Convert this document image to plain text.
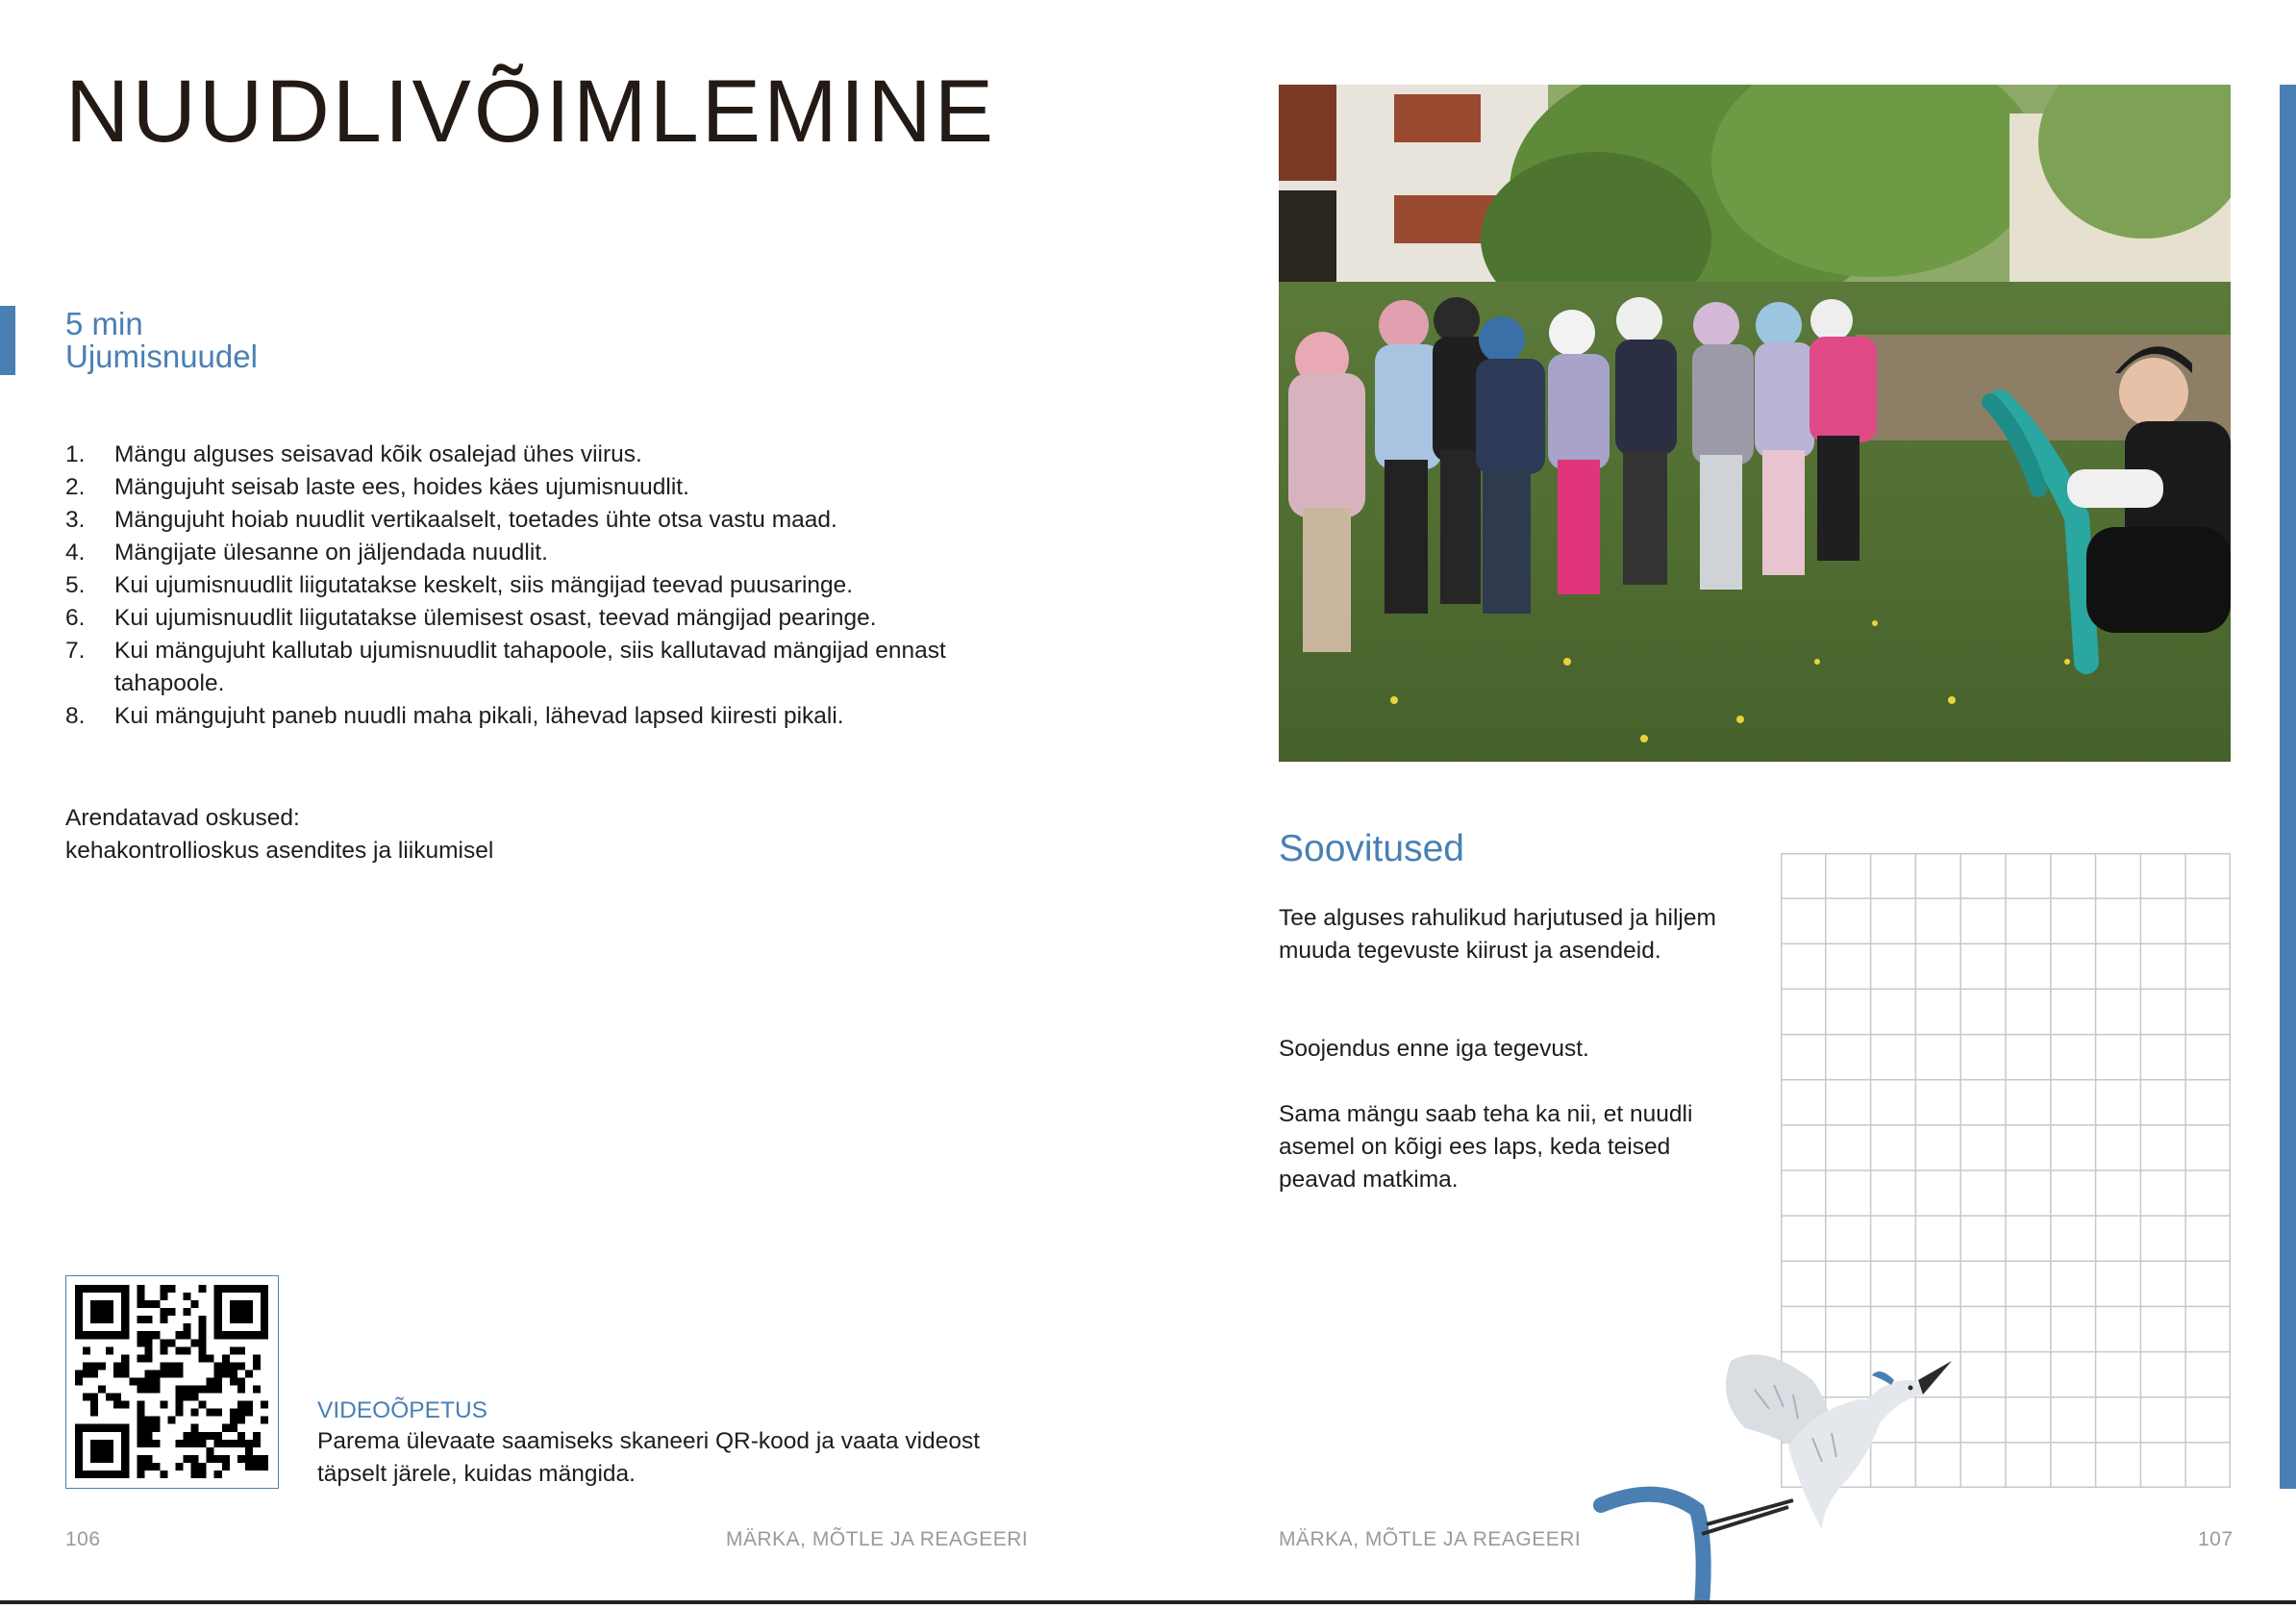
NUUDLIVÕIMLEMINE
5 min
Ujumisnuudel
1.	Mängu alguses seisavad kõik osalejad ühes viirus.
2.	Mängujuht seisab laste ees, hoides käes ujumisnuudlit.
3.	Mängujuht hoiab nuudlit vertikaalselt, toetades ühte otsa vastu maad.
4.	Mängijate ülesanne on jäljendada nuudlit.
5.	Kui ujumisnuudlit liigutatakse keskelt, siis mängijad teevad puusaringe.
6.	Kui ujumisnuudlit liigutatakse ülemisest osast, teevad mängijad pearinge.
7.	Kui mängujuht kallutab ujumisnuudlit tahapoole, siis kallutavad mängijad ennast tahapoole.
8.	Kui mängujuht paneb nuudli maha pikali, lähevad lapsed kiiresti pikali.
Arendatavad oskused:
kehakontrollioskus asendites ja liikumisel
VIDEOÕPETUS
Parema ülevaate saamiseks skaneeri QR-kood ja vaata videost täpselt järele, kuidas mängida.
106	MÄRKA, MÕTLE JA REAGEERI
Soovitused
Tee alguses rahulikud harjutused ja hiljem muuda tegevuste kiirust ja asendeid.
Soojendus enne iga tegevust.
Sama mängu saab teha ka nii, et nuudli asemel on kõigi ees laps, keda teised peavad matkima.
MÄRKA, MÕTLE JA REAGEERI	107
